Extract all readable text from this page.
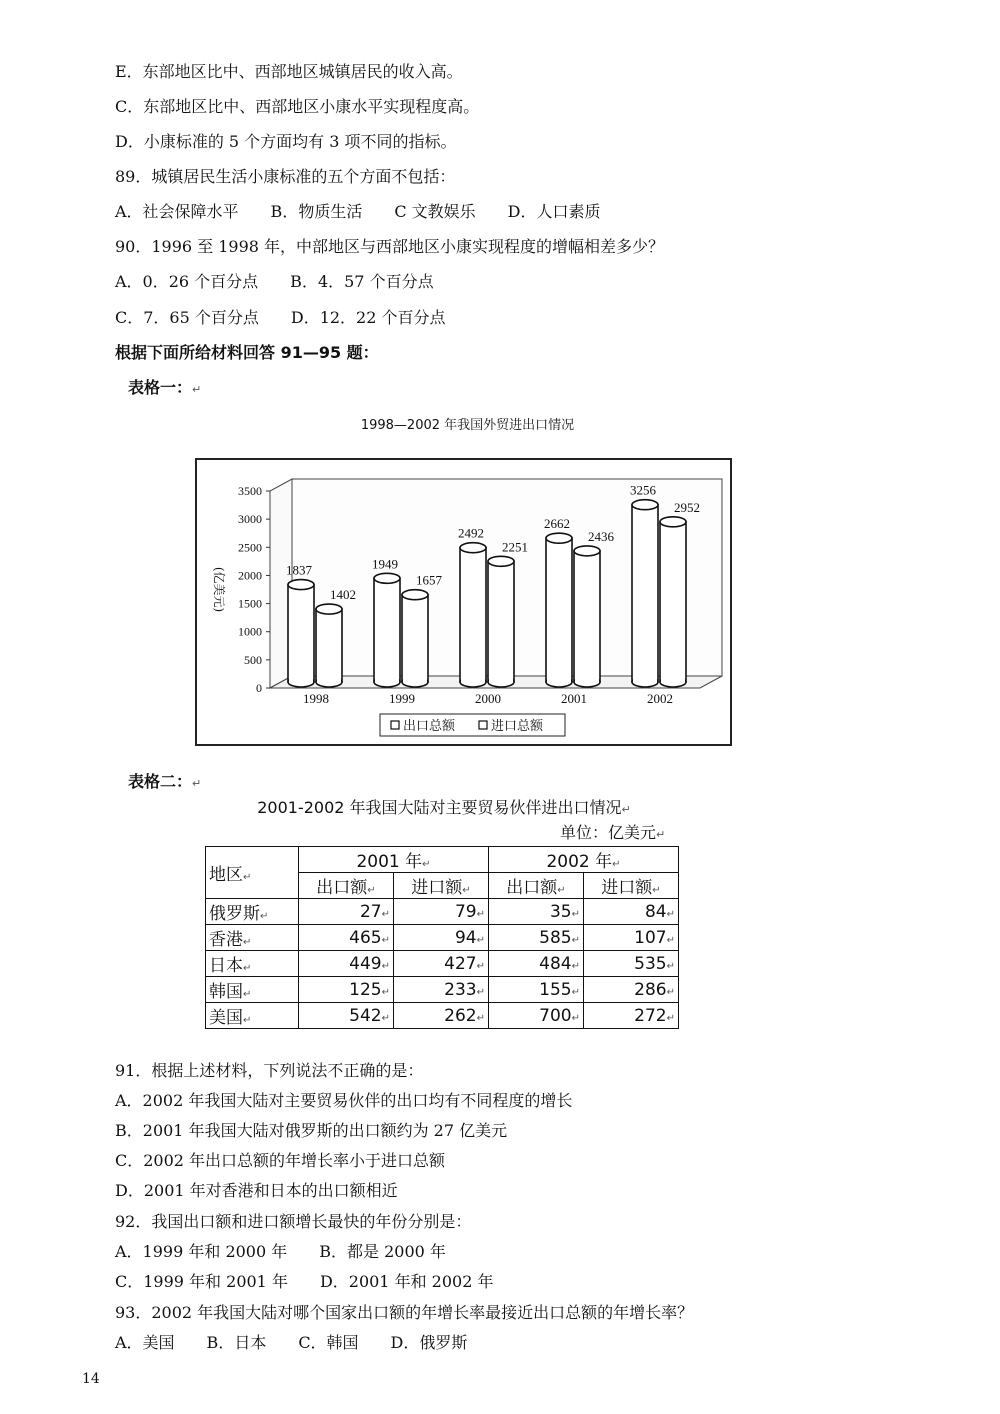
E．东部地区比中、西部地区城镇居民的收入高。
C．东部地区比中、西部地区小康水平实现程度高。
D．小康标准的 5 个方面均有 3 项不同的指标。
89．城镇居民生活小康标准的五个方面不包括：
A．社会保障水平　　B．物质生活　　C 文教娱乐　　D．人口素质
90．1996 至 1998 年，中部地区与西部地区小康实现程度的增幅相差多少？
A．0．26 个百分点　　B．4．57 个百分点
C．7．65 个百分点　　D．12．22 个百分点
根据下面所给材料回答 91—95 题：
表格一：↵
1998—2002 年我国外贸进出口情况
0
500
1000
1500
2000
2500
3000
3500
(亿美元)	1837
1402
1998
1949
1657
1999
2492
2251
2000
2662
2436
2001
3256
2952
2002
出口总额	进口总额
表格二：↵
2001-2002 年我国大陆对主要贸易伙伴进出口情况↵
单位：亿美元↵
地区↵	2001 年↵		2002 年↵	
	出口额↵	进口额↵	出口额↵	进口额↵
俄罗斯↵	27↵	79↵	35↵	84↵
香港↵	465↵	94↵	585↵	107↵
日本↵	449↵	427↵	484↵	535↵
韩国↵	125↵	233↵	155↵	286↵
美国↵	542↵	262↵	700↵	272↵
91．根据上述材料，下列说法不正确的是：
A．2002 年我国大陆对主要贸易伙伴的出口均有不同程度的增长
B．2001 年我国大陆对俄罗斯的出口额约为 27 亿美元
C．2002 年出口总额的年增长率小于进口总额
D．2001 年对香港和日本的出口额相近
92．我国出口额和进口额增长最快的年份分别是：
A．1999 年和 2000 年　　B．都是 2000 年
C．1999 年和 2001 年　　D．2001 年和 2002 年
93．2002 年我国大陆对哪个国家出口额的年增长率最接近出口总额的年增长率？
A．美国　　B．日本　　C．韩国　　D．俄罗斯
14
